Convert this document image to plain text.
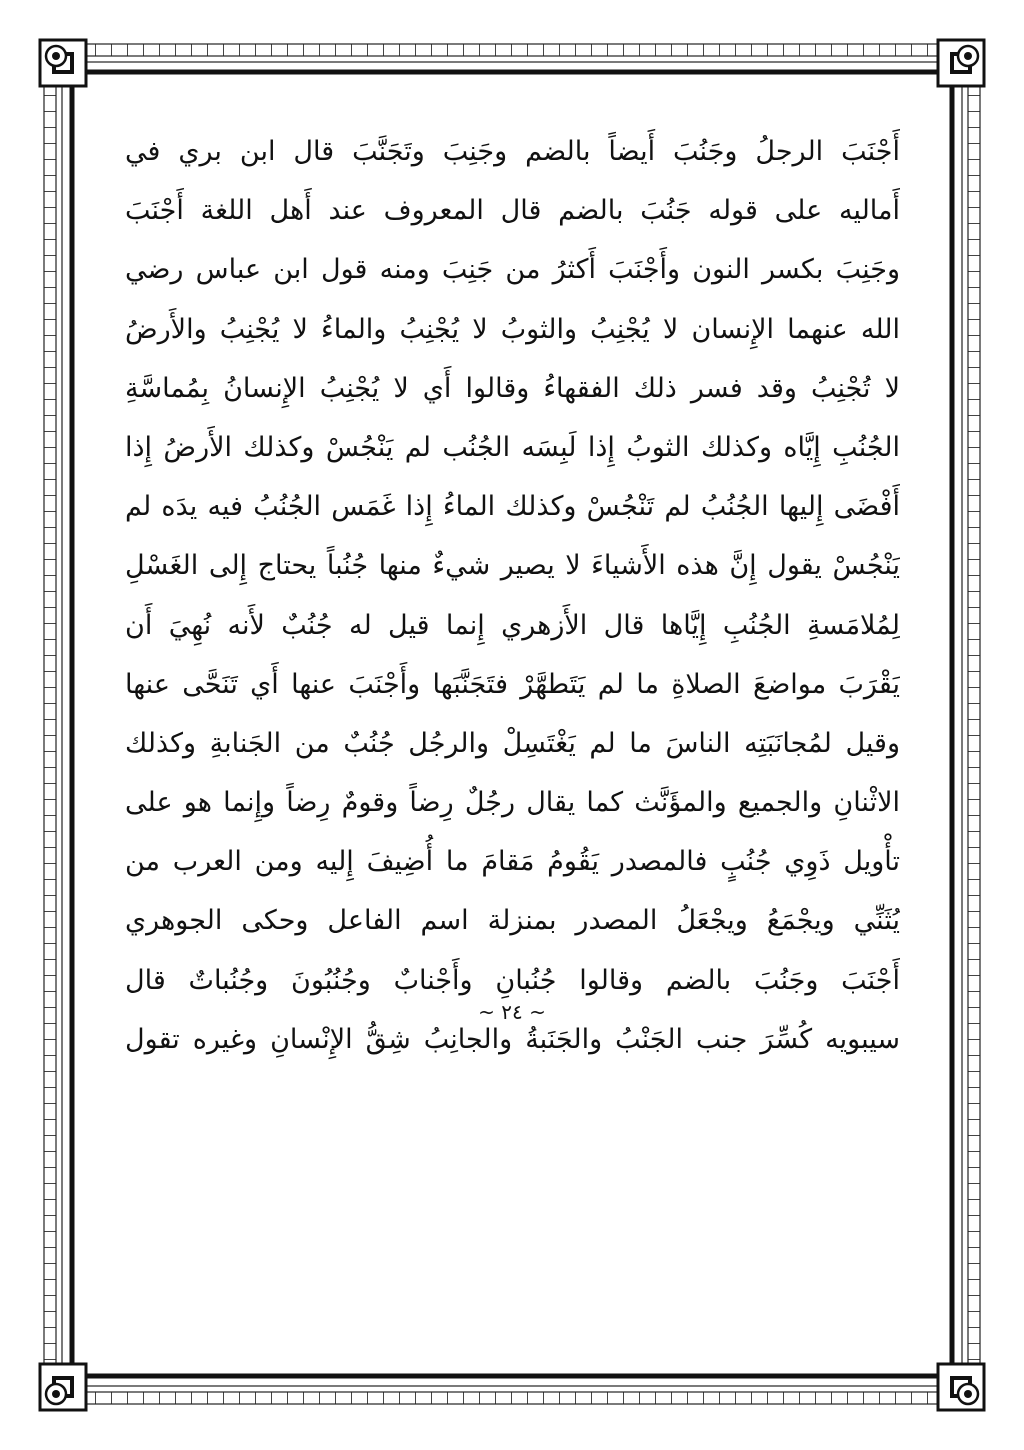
أَجْنَبَ الرجلُ وجَنُبَ أَيضاً بالضم وجَنِبَ وتَجَنَّبَ قال ابن بري في
أَماليه على قوله جَنُبَ بالضم قال المعروف عند أَهل اللغة أَجْنَبَ
وجَنِبَ بكسر النون وأَجْنَبَ أَكثرُ من جَنِبَ ومنه قول ابن عباس رضي
الله عنهما الإِنسان لا يُجْنِبُ والثوبُ لا يُجْنِبُ والماءُ لا يُجْنِبُ والأَرضُ
لا تُجْنِبُ وقد فسر ذلك الفقهاءُ وقالوا أَي لا يُجْنِبُ الإِنسانُ بِمُماسَّةِ
الجُنُبِ إِيَّاه وكذلك الثوبُ إِذا لَبِسَه الجُنُب لم يَنْجُسْ وكذلك الأَرضُ إِذا
أَفْضَى إِليها الجُنُبُ لم تَنْجُسْ وكذلك الماءُ إِذا غَمَس الجُنُبُ فيه يدَه لم
يَنْجُسْ يقول إِنَّ هذه الأَشياءَ لا يصير شيءٌ منها جُنُباً يحتاج إِلى الغَسْلِ
لِمُلامَسةِ الجُنُبِ إِيَّاها قال الأَزهري إِنما قيل له جُنُبٌ لأَنه نُهِيَ أَن
يَقْرَبَ مواضعَ الصلاةِ ما لم يَتَطهَّرْ فتَجَنَّبَها وأَجْنَبَ عنها أَي تَنَحَّى عنها
وقيل لمُجانَبَتِه الناسَ ما لم يَغْتَسِلْ والرجُل جُنُبٌ من الجَنابةِ وكذلك
الاثْنانِ والجميع والمؤَنَّث كما يقال رجُلٌ رِضاً وقومٌ رِضاً وإِنما هو على
تأْويل ذَوِي جُنُبٍ فالمصدر يَقُومُ مَقامَ ما أُضِيفَ إِليه ومن العرب من
يُثَنِّي ويجْمَعُ ويجْعَلُ المصدر بمنزلة اسم الفاعل وحكى الجوهري
أَجْنَبَ وجَنُبَ بالضم وقالوا جُنُبانِ وأَجْنابٌ وجُنُبُونَ وجُنُباتٌ قال
سيبويه كُسِّرَ جنب الجَنْبُ والجَنَبةُ والجانِبُ شِقُّ الإِنْسانِ وغيره تقول
~ ٢٤ ~
